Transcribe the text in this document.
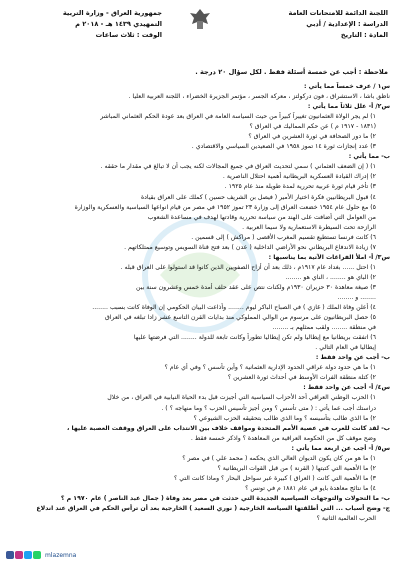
اللجنة الدائمة للامتحانات العامة
الدراسة : الإعدادية / أدبي
المادة : التاريخ
جمهورية العراق - وزارة التربية
التمهيدي ١٤٣٩ هـ - ٢٠١٨ م
الوقت : ثلاث ساعات
ملاحظة : أجب عن خمسة أسئلة فقط . لكل سؤال ٢٠ درجة .
س١ / عرف خمساً مما يأتي :
ناظق باشا ، الاستشراق ، فون دركولتز ، معركة الجسر ، مؤتمر الجزيرة الخضراء ، اللجنة العربية العليا .
س٢/ أ- علل ثلاثاً مما يأتي :
١) لم يجر الولاة العثمانيون تغييراً كبيراً من حيث السياسة العامة في العراق بعد عودة الحكم العثماني المباشر
(١٨٣١ - ١٩١٧ م ) عن حكم المماليك في العراق ؟
٢) ما دور الصحافة في ثورة العشرين في العراق ؟
٣) عدد إنجازات ثورة ١٤ تموز ١٩٥٨ في الصعيدين السياسي والاقتصادي .
ب- مما يأتي :
١) ( إن الضعف العثماني ) سمي لتحديث العراق في جميع المجالات لكنه يجب أن لا تبالغ في مقدار ما حققه .
٢) إدراك القيادة العسكرية البريطانية أهمية احتلال الناصرية .
٣) تأخر قيام ثورة عربية تحررية لمدة طويلة منذ عام ١٩٢٥ .
٤) قبول البريطانيين فكرة اختيار الأمير ( فيصل بن الشريف حسين ) كملك على العراق بقيادة
٥) مع حلول عام ١٩٥٤ خضعت العراق إلى وزارة ٢٣ تموز ١٩٥٢ في مصر من قيام انواعها السياسية والعسكرية والوزارة
من العوامل التي أضافت على الهند من سياسة تحررية وقادتها لهدف في مساعدة الشعوب
الرازحة تحت السيطرة الاستعمارية ولا سيما العربية .
٦) كانت فرنسا تستطيع تقسيم المغرب الأقصى ( مراكش ) إلى قسمين .
٧) زيادة الاندفاع البريطاني نحو الأراضي الداخلية ( عدن ) بعد فتح قناة السويس وتوسيع ممتلكاتهم .
س٣/ أ- املأ الفراغات الآتية بما يناسبها :
١) احتل ...... بغداد عام ١٩١٧م ، ذلك بعد أن أزاح الصفويين الذين كانوا قد استولوا على العراق قبله .
٢) الباي هو ........ ، الناي هو ........
٣) صيغة معاهدة ٣٠ حزيران ١٩٣٠م ولكنات نتص على عقد حلف أمدة خمس وعشرون سنة بين
........ و ........
٤) أعلن وفاة الملك ( غازي ) في الصباح الباكر ليوم ........ وأذاعت البيان الحكومي إن الوفاة كانت بسبب ........
٥) حصل البريطانيون على مرسوم من الوالي المملوكي منذ بدايات القرن التاسع عشر زادا تبلغه في العراق
في منطقة ........ ولقب ممثلهم بـ ........
٦) اتفقت بريطانيا مع إيطاليا ولم تكن إيطاليا تطوراً وكانت تابعة للدولة ........ التي فرضتها عليها
إيطاليا في العام التالي .
ب- أجب عن واحد فقط :
١) ما هي حدود دولة عراقي الحدود الإدارية العثمانية ؟ وأين تأسس ؟ وفي أي عام ؟
٢) كتلة منطقة الفرات الأوسط في أحداث ثورة العشرين ؟
س٤/ أ- أجب عن واحد فقط :
١) الحزب الوطني العراقي أحد الأحزاب السياسية التي أجيزت قبل بدء الحياة النيابية في العراق ، من خلال
دراستك أجب عما يأتي : ( متى تأسس ؟ ومن أجيز تأسيس الحزب ؟ وما منهاجه ؟ ) .
٢) ما الذي طالب بتأسيسه ؟ وما الذي طالب بتحقيقه الحزب الشيوعي ؟
ب- لقد كانت للعرب في عصبة الأمم المتحدة ومواقف خلاف بين الانتداب على العراق ووقفت العصبة عليها ،
وضح موقف كل من الحكومة العراقية من المعاهدة ؟ واذكر خمسة فقط .
س٥/ أ- أجب عن اربعة مما يأتي :
١) ما هو من كان يكون الديوان العالي الذي يحكمه ( محمد علي ) في مصر ؟
٢) ما الأهمية التي كتبتها ( القرنة ) من قبل القوات البريطانية ؟
٣) ما الأهمية التي كانت ( العراق ) كبيرة عبر سواحل البحار ؟ وماذا كانت التي ؟
٤) ما نتائج معاهدة بايو في عام ١٨٨١ م في تونس ؟
ب- ما التحولات والتوجهات السياسية الجديدة التي حدثت في مصر بعد وفاة ( جمال عبد الناصر ) عام ١٩٧٠ م ؟
ج- وضح أسباب ... التي أطلقتها السياسة الخارجية ( نوري السعيد ) الخارجية بعد أن ترأس الحكم في العراق عند اندلاع
الحرب العالمية الثانية ؟
mlazemna
